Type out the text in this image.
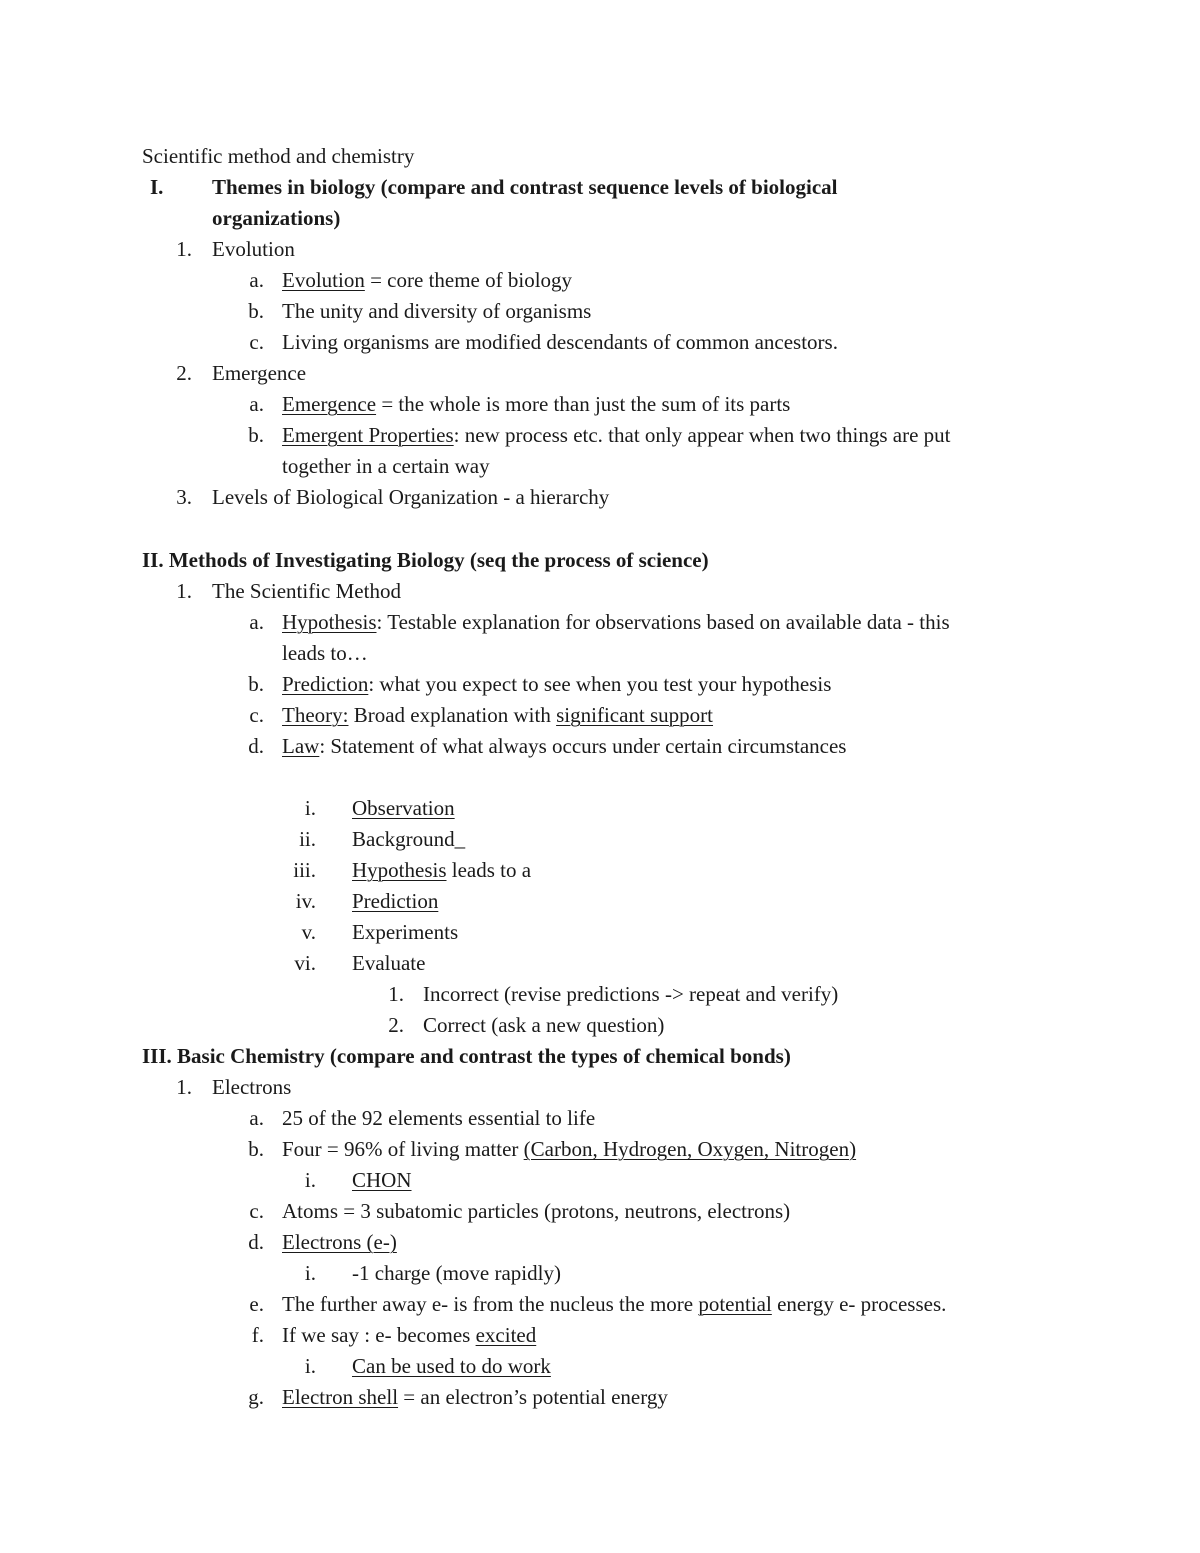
Scientific method and chemistry
I.	Themes in biology (compare and contrast sequence levels of biological
organizations)
1. Evolution
a. Evolution = core theme of biology
b. The unity and diversity of organisms
c. Living organisms are modified descendants of common ancestors.
2. Emergence
a. Emergence = the whole is more than just the sum of its parts
b. Emergent Properties: new process etc. that only appear when two things are put
together in a certain way
3. Levels of Biological Organization - a hierarchy
II. Methods of Investigating Biology (seq the process of science)
1. The Scientific Method
a. Hypothesis: Testable explanation for observations based on available data - this
leads to…
b. Prediction: what you expect to see when you test your hypothesis
c. Theory: Broad explanation with significant support
d. Law: Statement of what always occurs under certain circumstances
i. Observation
ii. Background_
iii. Hypothesis leads to a
iv. Prediction
v. Experiments
vi. Evaluate
1. Incorrect (revise predictions -> repeat and verify)
2. Correct (ask a new question)
III. Basic Chemistry (compare and contrast the types of chemical bonds)
1. Electrons
a. 25 of the 92 elements essential to life
b. Four = 96% of living matter (Carbon, Hydrogen, Oxygen, Nitrogen)
i. CHON
c. Atoms = 3 subatomic particles (protons, neutrons, electrons)
d. Electrons (e-)
i. -1 charge (move rapidly)
e. The further away e- is from the nucleus the more potential energy e- processes.
f. If we say : e- becomes excited
i. Can be used to do work
g. Electron shell = an electron’s potential energy
